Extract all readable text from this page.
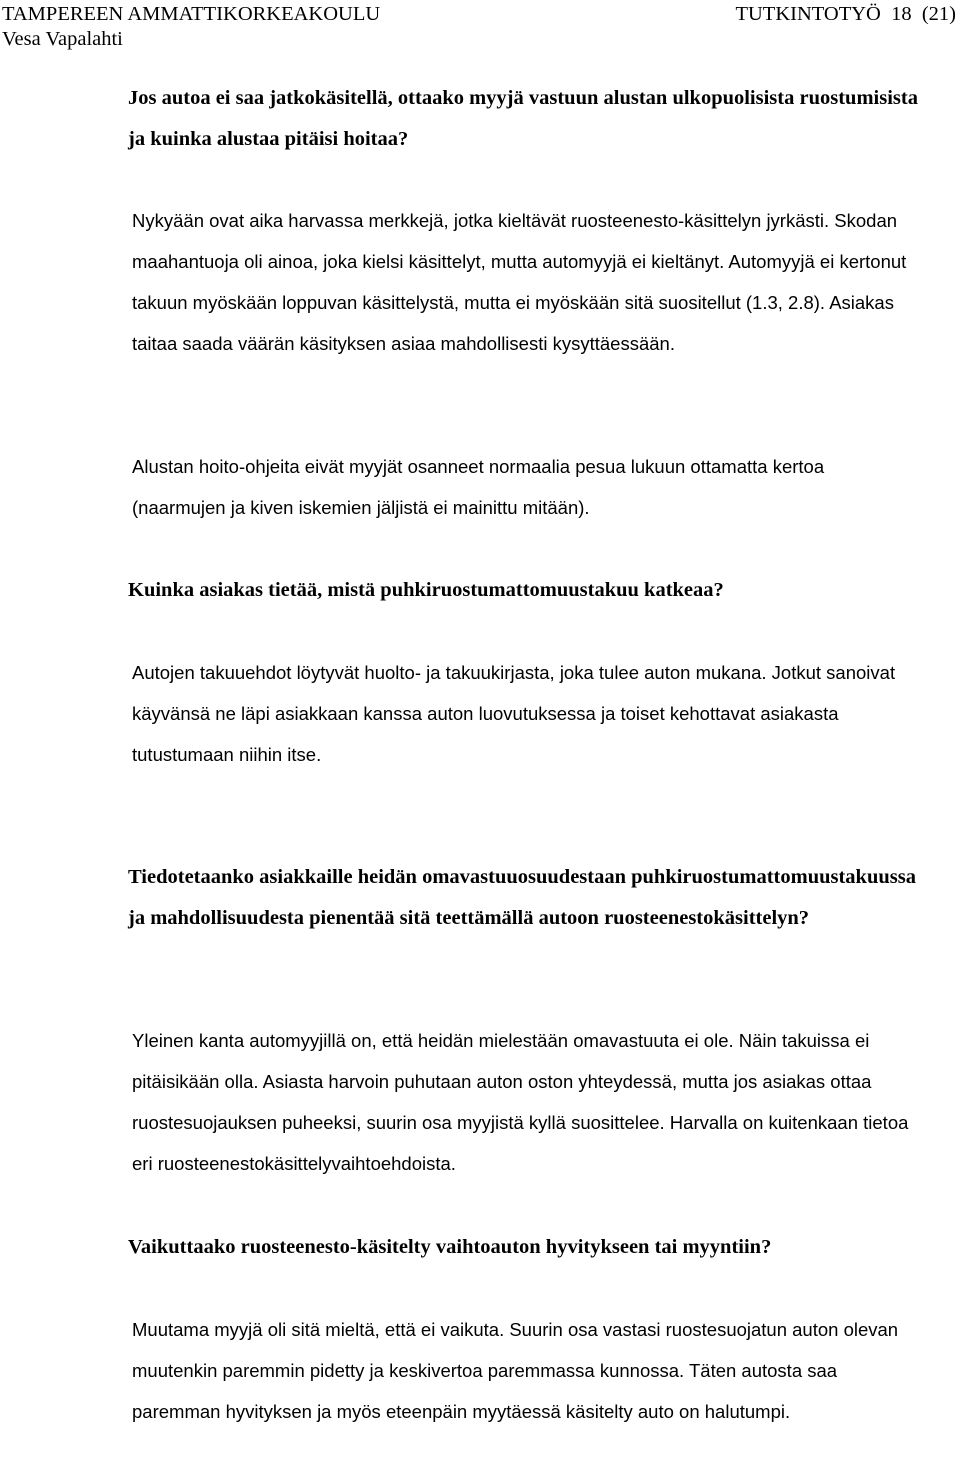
TAMPEREEN AMMATTIKORKEAKOULU	TUTKINTOTYÖ 18 (21)
Vesa Vapalahti
Jos autoa ei saa jatkokäsitellä, ottaako myyjä vastuun alustan ulkopuolisista ruostumisista ja kuinka alustaa pitäisi hoitaa?
Nykyään ovat aika harvassa merkkejä, jotka kieltävät ruosteenesto-käsittelyn jyrkästi. Skodan maahantuoja oli ainoa, joka kielsi käsittelyt, mutta automyyjä ei kieltänyt. Automyyjä ei kertonut takuun myöskään loppuvan käsittelystä, mutta ei myöskään sitä suositellut (1.3, 2.8). Asiakas taitaa saada väärän käsityksen asiaa mahdollisesti kysyttäessään.
Alustan hoito-ohjeita eivät myyjät osanneet normaalia pesua lukuun ottamatta kertoa (naarmujen ja kiven iskemien jäljistä ei mainittu mitään).
Kuinka asiakas tietää, mistä puhkiruostumattomuustakuu katkeaa?
Autojen takuuehdot löytyvät huolto- ja takuukirjasta, joka tulee auton mukana. Jotkut sanoivat käyvänsä ne läpi asiakkaan kanssa auton luovutuksessa ja toiset kehottavat asiakasta tutustumaan niihin itse.
Tiedotetaanko asiakkaille heidän omavastuuosuudestaan puhkiruostumattomuustakuussa ja mahdollisuudesta pienentää sitä teettämällä autoon ruosteenestokäsittelyn?
Yleinen kanta automyyjillä on, että heidän mielestään omavastuuta ei ole. Näin takuissa ei pitäisikään olla. Asiasta harvoin puhutaan auton oston yhteydessä, mutta jos asiakas ottaa ruostesuojauksen puheeksi, suurin osa myyjistä kyllä suosittelee. Harvalla on kuitenkaan tietoa eri ruosteenestokäsittelyvaihtoehdoista.
Vaikuttaako ruosteenesto-käsitelty vaihtoauton hyvitykseen tai myyntiin?
Muutama myyjä oli sitä mieltä, että ei vaikuta. Suurin osa vastasi ruostesuojatun auton olevan muutenkin paremmin pidetty ja keskivertoa paremmassa kunnossa. Täten autosta saa paremman hyvityksen ja myös eteenpäin myytäessä käsitelty auto on halutumpi.
